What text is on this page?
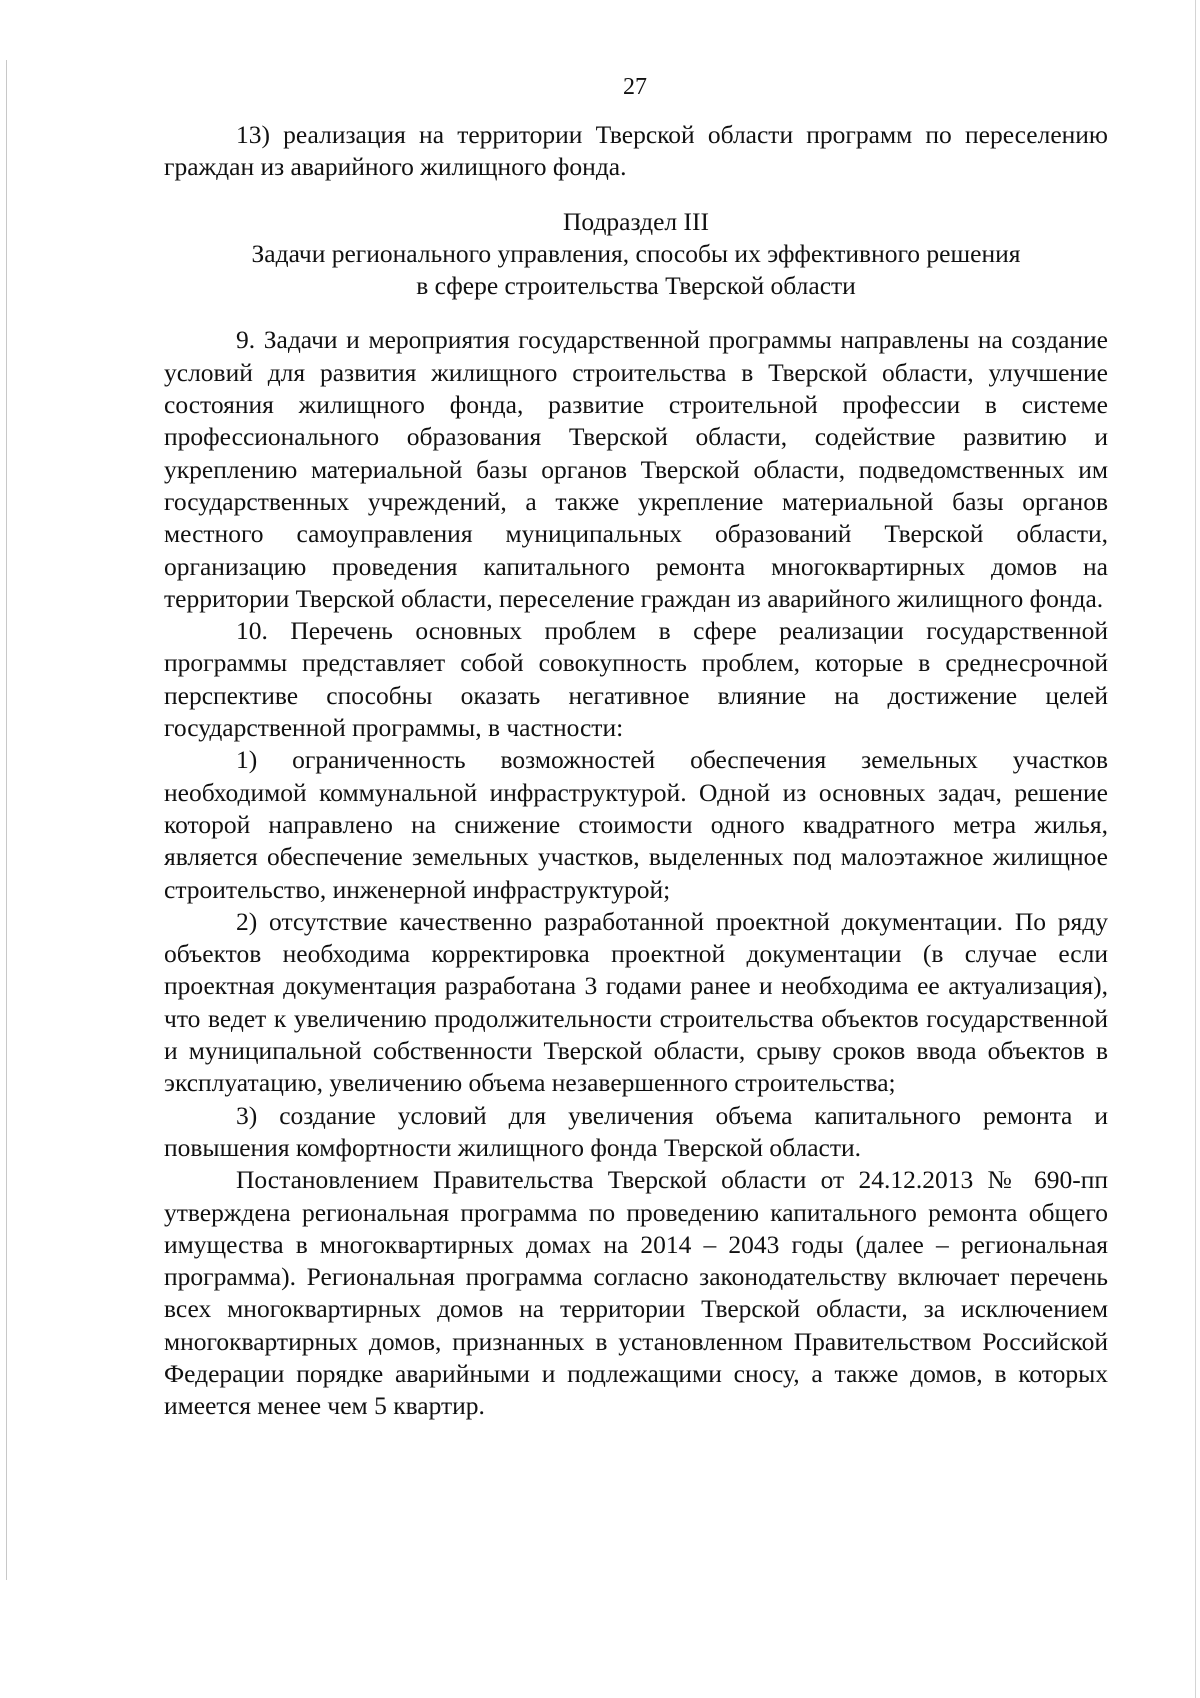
27

13) реализация на территории Тверской области программ по переселению граждан из аварийного жилищного фонда.

Подраздел III

Задачи регионального управления, способы их эффективного решения

в сфере строительства Тверской области

9. Задачи и мероприятия государственной программы направлены на создание условий для развития жилищного строительства в Тверской области, улучшение состояния жилищного фонда, развитие строительной профессии в системе профессионального образования Тверской области, содействие развитию и укреплению материальной базы органов Тверской области, подведомственных им государственных учреждений, а также укрепление материальной базы органов местного самоуправления муниципальных образований Тверской области, организацию проведения капитального ремонта многоквартирных домов на территории Тверской области, переселение граждан из аварийного жилищного фонда.

10. Перечень основных проблем в сфере реализации государственной программы представляет собой совокупность проблем, которые в среднесрочной перспективе способны оказать негативное влияние на достижение целей государственной программы, в частности:

1) ограниченность возможностей обеспечения земельных участков необходимой коммунальной инфраструктурой. Одной из основных задач, решение которой направлено на снижение стоимости одного квадратного метра жилья, является обеспечение земельных участков, выделенных под малоэтажное жилищное строительство, инженерной инфраструктурой;

2) отсутствие качественно разработанной проектной документации. По ряду объектов необходима корректировка проектной документации (в случае если проектная документация разработана 3 годами ранее и необходима ее актуализация), что ведет к увеличению продолжительности строительства объектов государственной и муниципальной собственности Тверской области, срыву сроков ввода объектов в эксплуатацию, увеличению объема незавершенного строительства;

3) создание условий для увеличения объема капитального ремонта и повышения комфортности жилищного фонда Тверской области.

Постановлением Правительства Тверской области от 24.12.2013 № 690-пп утверждена региональная программа по проведению капитального ремонта общего имущества в многоквартирных домах на 2014 – 2043 годы (далее – региональная программа). Региональная программа согласно законодательству включает перечень всех многоквартирных домов на территории Тверской области, за исключением многоквартирных домов, признанных в установленном Правительством Российской Федерации порядке аварийными и подлежащими сносу, а также домов, в которых имеется менее чем 5 квартир.
